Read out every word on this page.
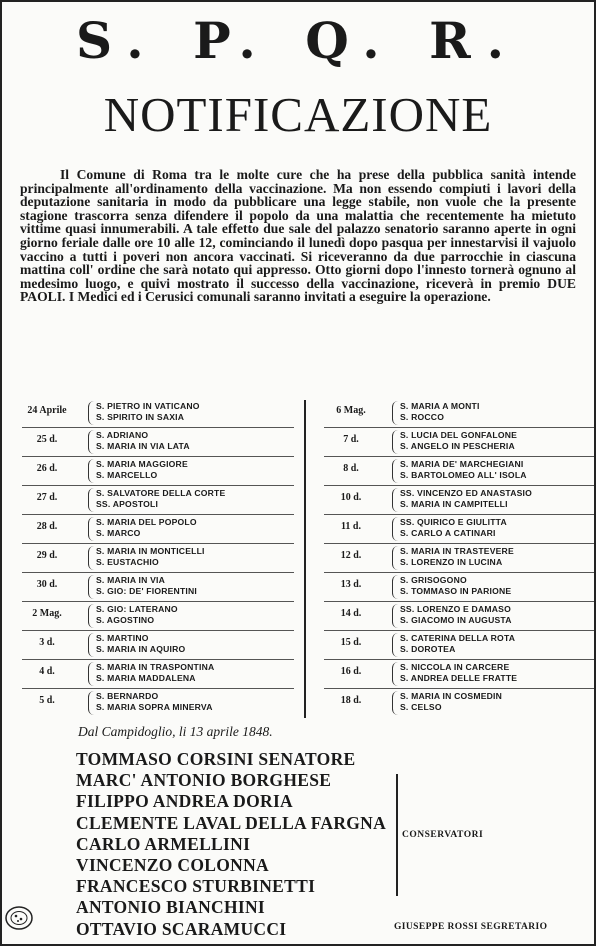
S. P. Q. R.
NOTIFICAZIONE
Il Comune di Roma tra le molte cure che ha prese della pubblica sanità intende principalmente all'ordinamento della vaccinazione. Ma non essendo compiuti i lavori della deputazione sanitaria in modo da pubblicare una legge stabile, non vuole che la presente stagione trascorra senza difendere il popolo da una malattia che recentemente ha mietuto vittime quasi innumerabili. A tale effetto due sale del palazzo senatorio saranno aperte in ogni giorno feriale dalle ore 10 alle 12, cominciando il lunedì dopo pasqua per innestarvisi il vajuolo vaccino a tutti i poveri non ancora vaccinati. Si riceveranno da due parrocchie in ciascuna mattina coll' ordine che sarà notato qui appresso. Otto giorni dopo l'innesto tornerà ognuno al medesimo luogo, e quivi mostrato il successo della vaccinazione, riceverà in premio DUE PAOLI. I Medici ed i Cerusici comunali saranno invitati a eseguire la operazione.
24 Aprile	S. PIETRO IN VATICANO
S. SPIRITO IN SAXIA
25 d.	S. ADRIANO
S. MARIA IN VIA LATA
26 d.	S. MARIA MAGGIORE
S. MARCELLO
27 d.	S. SALVATORE DELLA CORTE
SS. APOSTOLI
28 d.	S. MARIA DEL POPOLO
S. MARCO
29 d.	S. MARIA IN MONTICELLI
S. EUSTACHIO
30 d.	S. MARIA IN VIA
S. GIO: DE' FIORENTINI
2 Mag.	S. GIO: LATERANO
S. AGOSTINO
3 d.	S. MARTINO
S. MARIA IN AQUIRO
4 d.	S. MARIA IN TRASPONTINA
S. MARIA MADDALENA
5 d.	S. BERNARDO
S. MARIA SOPRA MINERVA
6 Mag.	S. MARIA A MONTI
S. ROCCO
7 d.	S. LUCIA DEL GONFALONE
S. ANGELO IN PESCHERIA
8 d.	S. MARIA DE' MARCHEGIANI
S. BARTOLOMEO ALL' ISOLA
10 d.	SS. VINCENZO ED ANASTASIO
S. MARIA IN CAMPITELLI
11 d.	SS. QUIRICO E GIULITTA
S. CARLO A CATINARI
12 d.	S. MARIA IN TRASTEVERE
S. LORENZO IN LUCINA
13 d.	S. GRISOGONO
S. TOMMASO IN PARIONE
14 d.	SS. LORENZO E DAMASO
S. GIACOMO IN AUGUSTA
15 d.	S. CATERINA DELLA ROTA
S. DOROTEA
16 d.	S. NICCOLA IN CARCERE
S. ANDREA DELLE FRATTE
18 d.	S. MARIA IN COSMEDIN
S. CELSO
Dal Campidoglio, li 13 aprile 1848.
TOMMASO CORSINI SENATORE
MARC' ANTONIO BORGHESE
FILIPPO ANDREA DORIA
CLEMENTE LAVAL DELLA FARGNA
CARLO ARMELLINI
VINCENZO COLONNA
FRANCESCO STURBINETTI
ANTONIO BIANCHINI
OTTAVIO SCARAMUCCI
CONSERVATORI
GIUSEPPE ROSSI SEGRETARIO
